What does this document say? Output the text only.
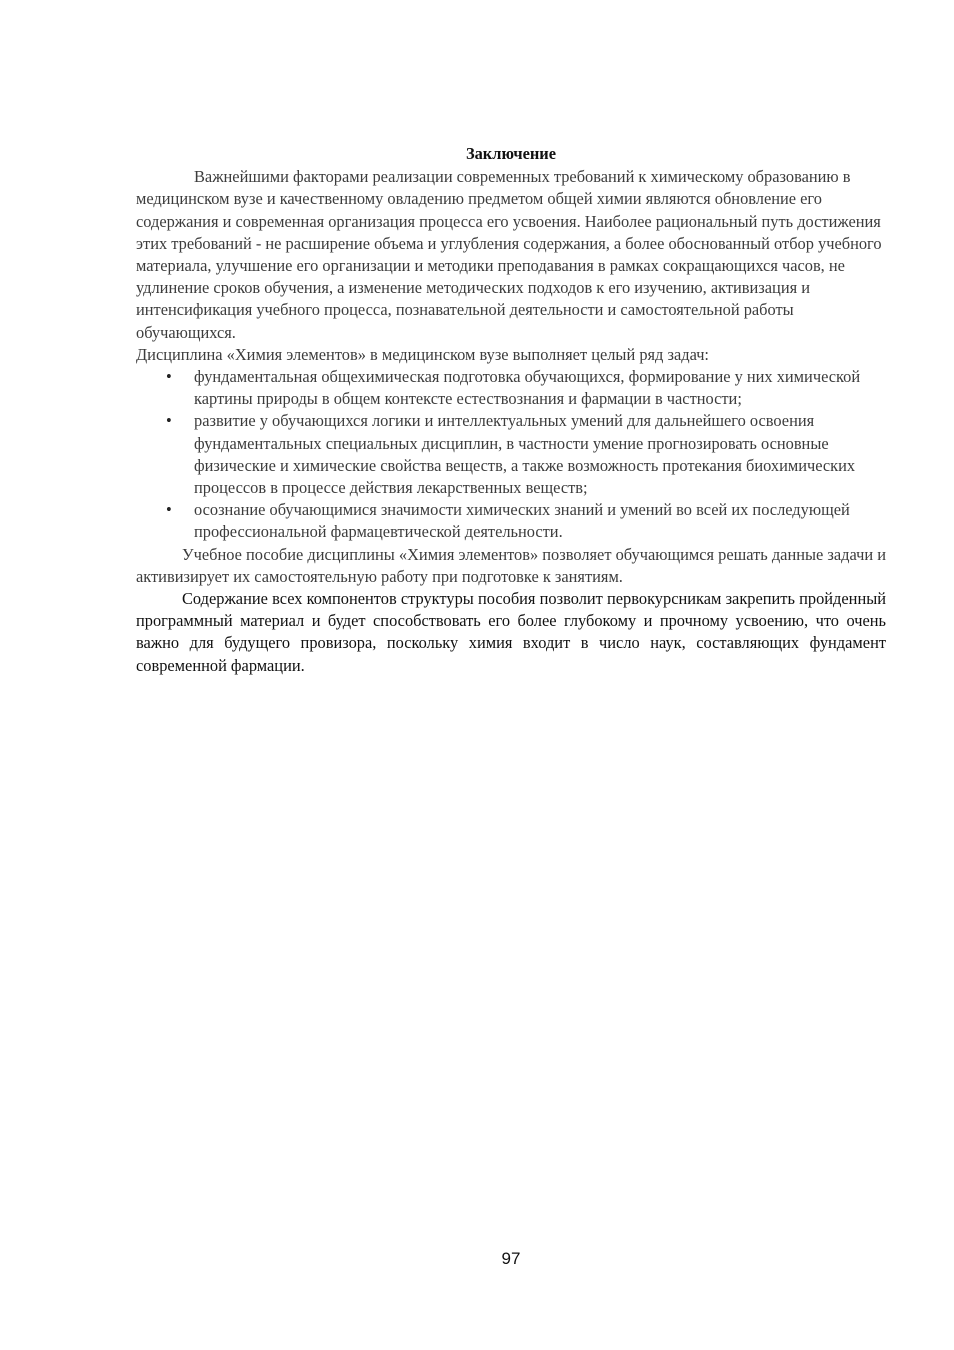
Заключение

Важнейшими факторами реализации современных требований к химическому образованию в медицинском вузе и качественному овладению предметом общей химии являются обновление его содержания и современная организация процесса его усвоения. Наиболее рациональный путь достижения этих требований - не расширение объема и углубления содержания, а более обоснованный отбор учебного материала, улучшение его организации и методики преподавания в рамках сокращающихся часов, не удлинение сроков обучения, а изменение методических подходов к его изучению, активизация и интенсификация учебного процесса, познавательной деятельности и самостоятельной работы обучающихся.

Дисциплина «Химия элементов» в медицинском вузе выполняет целый ряд задач:

• фундаментальная общехимическая подготовка обучающихся, формирование у них химической картины природы в общем контексте естествознания и фармации в частности;
• развитие у обучающихся логики и интеллектуальных умений для дальнейшего освоения фундаментальных специальных дисциплин, в частности умение прогнозировать основные физические и химические свойства веществ, а также возможность протекания биохимических процессов в процессе действия лекарственных веществ;
• осознание обучающимися значимости химических знаний и умений во всей их последующей профессиональной фармацевтической деятельности.

Учебное пособие дисциплины «Химия элементов» позволяет обучающимся решать данные задачи и активизирует их самостоятельную работу при подготовке к занятиям.

Содержание всех компонентов структуры пособия позволит первокурсникам закрепить пройденный программный материал и будет способствовать его более глубокому и прочному усвоению, что очень важно для будущего провизора, поскольку химия входит в число наук, составляющих фундамент современной фармации.

97
